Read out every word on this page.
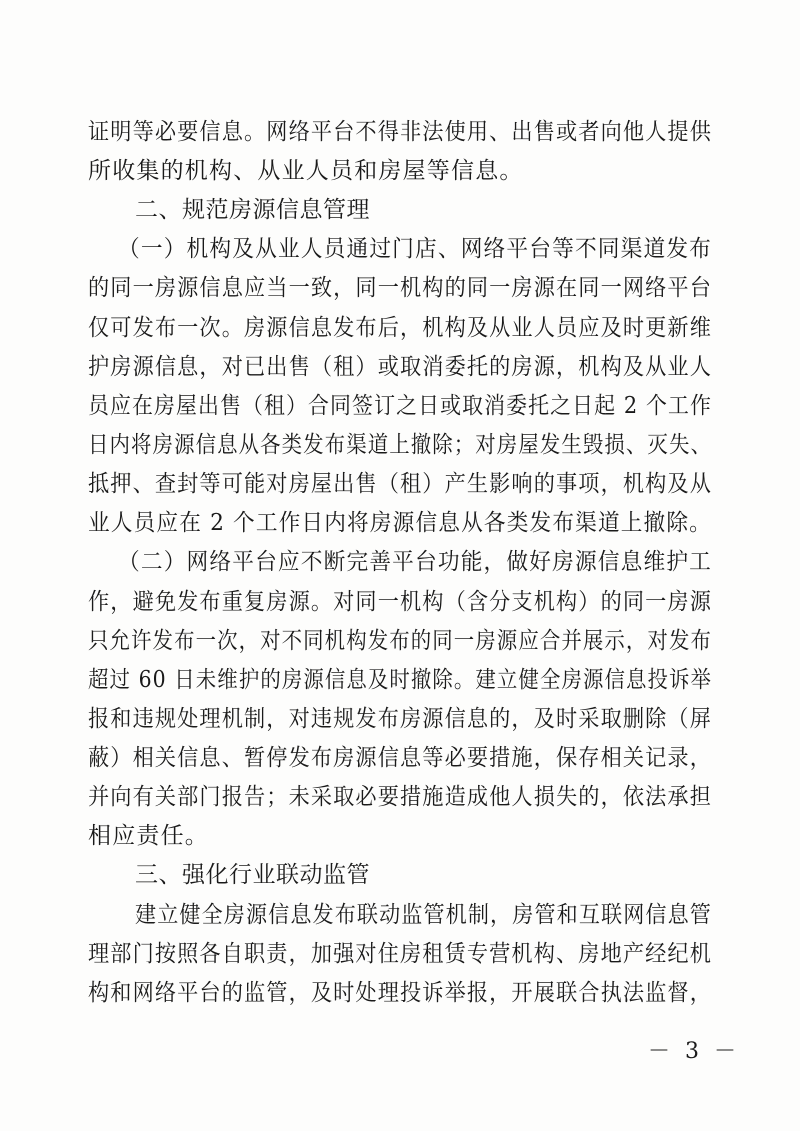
证明等必要信息。网络平台不得非法使用、出售或者向他人提供
所收集的机构、从业人员和房屋等信息。
二、规范房源信息管理
（一）机构及从业人员通过门店、网络平台等不同渠道发布
的同一房源信息应当一致，同一机构的同一房源在同一网络平台
仅可发布一次。房源信息发布后，机构及从业人员应及时更新维
护房源信息，对已出售（租）或取消委托的房源，机构及从业人
员应在房屋出售（租）合同签订之日或取消委托之日起 2 个工作
日内将房源信息从各类发布渠道上撤除；对房屋发生毁损、灭失、
抵押、查封等可能对房屋出售（租）产生影响的事项，机构及从
业人员应在 2 个工作日内将房源信息从各类发布渠道上撤除。
（二）网络平台应不断完善平台功能，做好房源信息维护工
作，避免发布重复房源。对同一机构（含分支机构）的同一房源
只允许发布一次，对不同机构发布的同一房源应合并展示，对发布
超过 60 日未维护的房源信息及时撤除。建立健全房源信息投诉举
报和违规处理机制，对违规发布房源信息的，及时采取删除（屏
蔽）相关信息、暂停发布房源信息等必要措施，保存相关记录，
并向有关部门报告；未采取必要措施造成他人损失的，依法承担
相应责任。
三、强化行业联动监管
建立健全房源信息发布联动监管机制，房管和互联网信息管
理部门按照各自职责，加强对住房租赁专营机构、房地产经纪机
构和网络平台的监管，及时处理投诉举报，开展联合执法监督，
－ 3 －
